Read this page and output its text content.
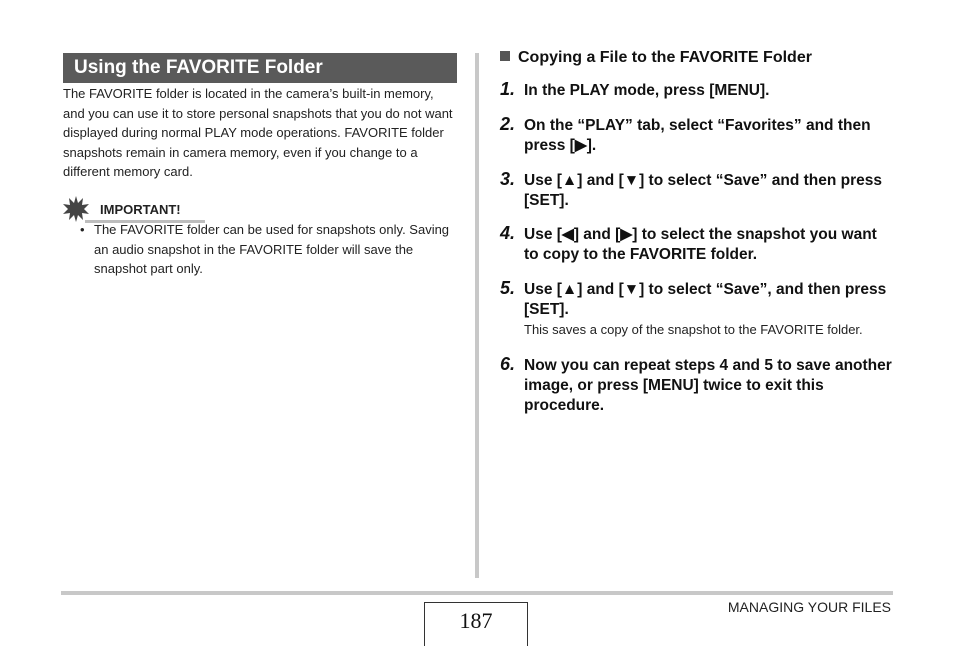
Using the FAVORITE Folder

The FAVORITE folder is located in the camera’s built-in memory, and you can use it to store personal snapshots that you do not want displayed during normal PLAY mode operations. FAVORITE folder snapshots remain in camera memory, even if you change to a different memory card.

IMPORTANT!
• The FAVORITE folder can be used for snapshots only. Saving an audio snapshot in the FAVORITE folder will save the snapshot part only.
Copying a File to the FAVORITE Folder
1. In the PLAY mode, press [MENU].
2. On the “PLAY” tab, select “Favorites” and then press [▶].
3. Use [▲] and [▼] to select “Save” and then press [SET].
4. Use [◀] and [▶] to select the snapshot you want to copy to the FAVORITE folder.
5. Use [▲] and [▼] to select “Save”, and then press [SET].
This saves a copy of the snapshot to the FAVORITE folder.
6. Now you can repeat steps 4 and 5 to save another image, or press [MENU] twice to exit this procedure.
187
MANAGING YOUR FILES
